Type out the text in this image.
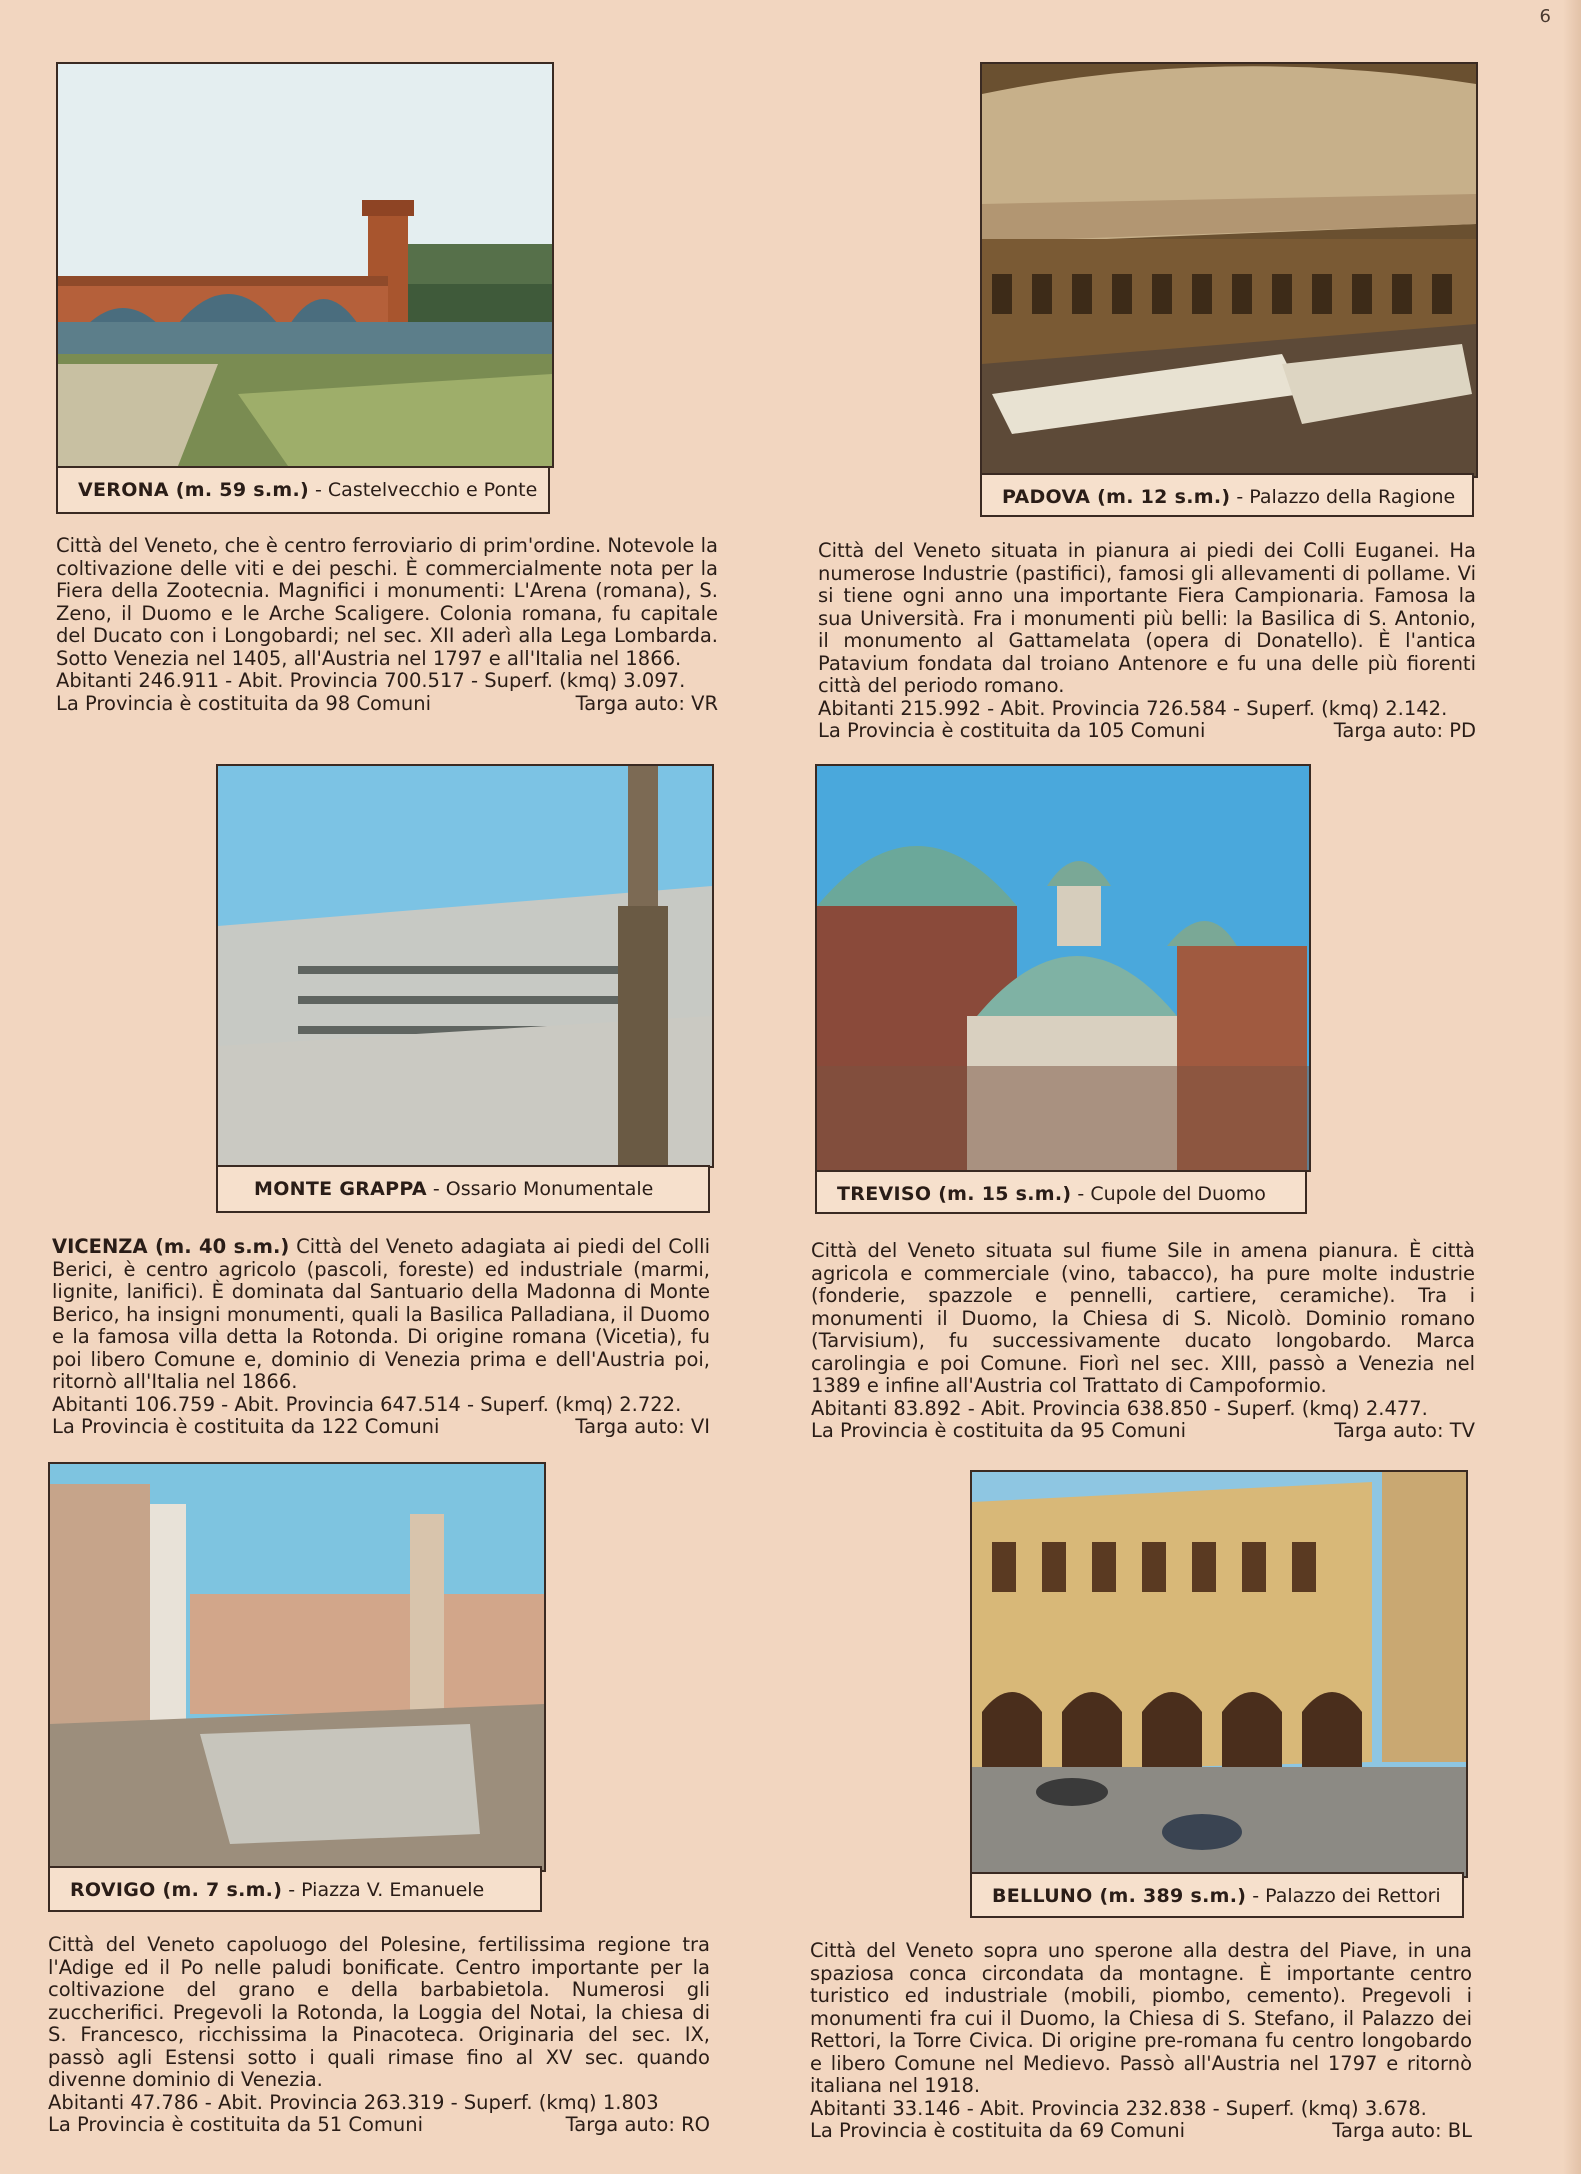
6
VERONA (m. 59 s.m.) - Castelvecchio e Ponte

Città del Veneto, che è centro ferroviario di prim'ordine. Notevole la coltivazione delle viti e dei peschi. È commercialmente nota per la Fiera della Zootecnia. Magnifici i monumenti: L'Arena (romana), S. Zeno, il Duomo e le Arche Scaligere. Colonia romana, fu capitale del Ducato con i Longobardi; nel sec. XII aderì alla Lega Lombarda. Sotto Venezia nel 1405, all'Austria nel 1797 e all'Italia nel 1866.

Abitanti 246.911 - Abit. Provincia 700.517 - Superf. (kmq) 3.097.

La Provincia è costituita da 98 Comuni	Targa auto: VR
PADOVA (m. 12 s.m.) - Palazzo della Ragione

Città del Veneto situata in pianura ai piedi dei Colli Euganei. Ha numerose Industrie (pastifici), famosi gli allevamenti di pollame. Vi si tiene ogni anno una importante Fiera Campionaria. Famosa la sua Università. Fra i monumenti più belli: la Basilica di S. Antonio, il monumento al Gattamelata (opera di Donatello). È l'antica Patavium fondata dal troiano Antenore e fu una delle più fiorenti città del periodo romano.

Abitanti 215.992 - Abit. Provincia 726.584 - Superf. (kmq) 2.142.

La Provincia è costituita da 105 Comuni	Targa auto: PD
MONTE GRAPPA - Ossario Monumentale

VICENZA (m. 40 s.m.) Città del Veneto adagiata ai piedi del Colli Berici, è centro agricolo (pascoli, foreste) ed industriale (marmi, lignite, lanifici). È dominata dal Santuario della Madonna di Monte Berico, ha insigni monumenti, quali la Basilica Palladiana, il Duomo e la famosa villa detta la Rotonda. Di origine romana (Vicetia), fu poi libero Comune e, dominio di Venezia prima e dell'Austria poi, ritornò all'Italia nel 1866.

Abitanti 106.759 - Abit. Provincia 647.514 - Superf. (kmq) 2.722.

La Provincia è costituita da 122 Comuni	Targa auto: VI
TREVISO (m. 15 s.m.) - Cupole del Duomo

Città del Veneto situata sul fiume Sile in amena pianura. È città agricola e commerciale (vino, tabacco), ha pure molte industrie (fonderie, spazzole e pennelli, cartiere, ceramiche). Tra i monumenti il Duomo, la Chiesa di S. Nicolò. Dominio romano (Tarvisium), fu successivamente ducato longobardo. Marca carolingia e poi Comune. Fiorì nel sec. XIII, passò a Venezia nel 1389 e infine all'Austria col Trattato di Campoformio.

Abitanti 83.892 - Abit. Provincia 638.850 - Superf. (kmq) 2.477.

La Provincia è costituita da 95 Comuni	Targa auto: TV
ROVIGO (m. 7 s.m.) - Piazza V. Emanuele

Città del Veneto capoluogo del Polesine, fertilissima regione tra l'Adige ed il Po nelle paludi bonificate. Centro importante per la coltivazione del grano e della barbabietola. Numerosi gli zuccherifici. Pregevoli la Rotonda, la Loggia del Notai, la chiesa di S. Francesco, ricchissima la Pinacoteca. Originaria del sec. IX, passò agli Estensi sotto i quali rimase fino al XV sec. quando divenne dominio di Venezia.

Abitanti 47.786 - Abit. Provincia 263.319 - Superf. (kmq) 1.803

La Provincia è costituita da 51 Comuni	Targa auto: RO
BELLUNO (m. 389 s.m.) - Palazzo dei Rettori

Città del Veneto sopra uno sperone alla destra del Piave, in una spaziosa conca circondata da montagne. È importante centro turistico ed industriale (mobili, piombo, cemento). Pregevoli i monumenti fra cui il Duomo, la Chiesa di S. Stefano, il Palazzo dei Rettori, la Torre Civica. Di origine pre-romana fu centro longobardo e libero Comune nel Medievo. Passò all'Austria nel 1797 e ritornò italiana nel 1918.

Abitanti 33.146 - Abit. Provincia 232.838 - Superf. (kmq) 3.678.

La Provincia è costituita da 69 Comuni	Targa auto: BL
